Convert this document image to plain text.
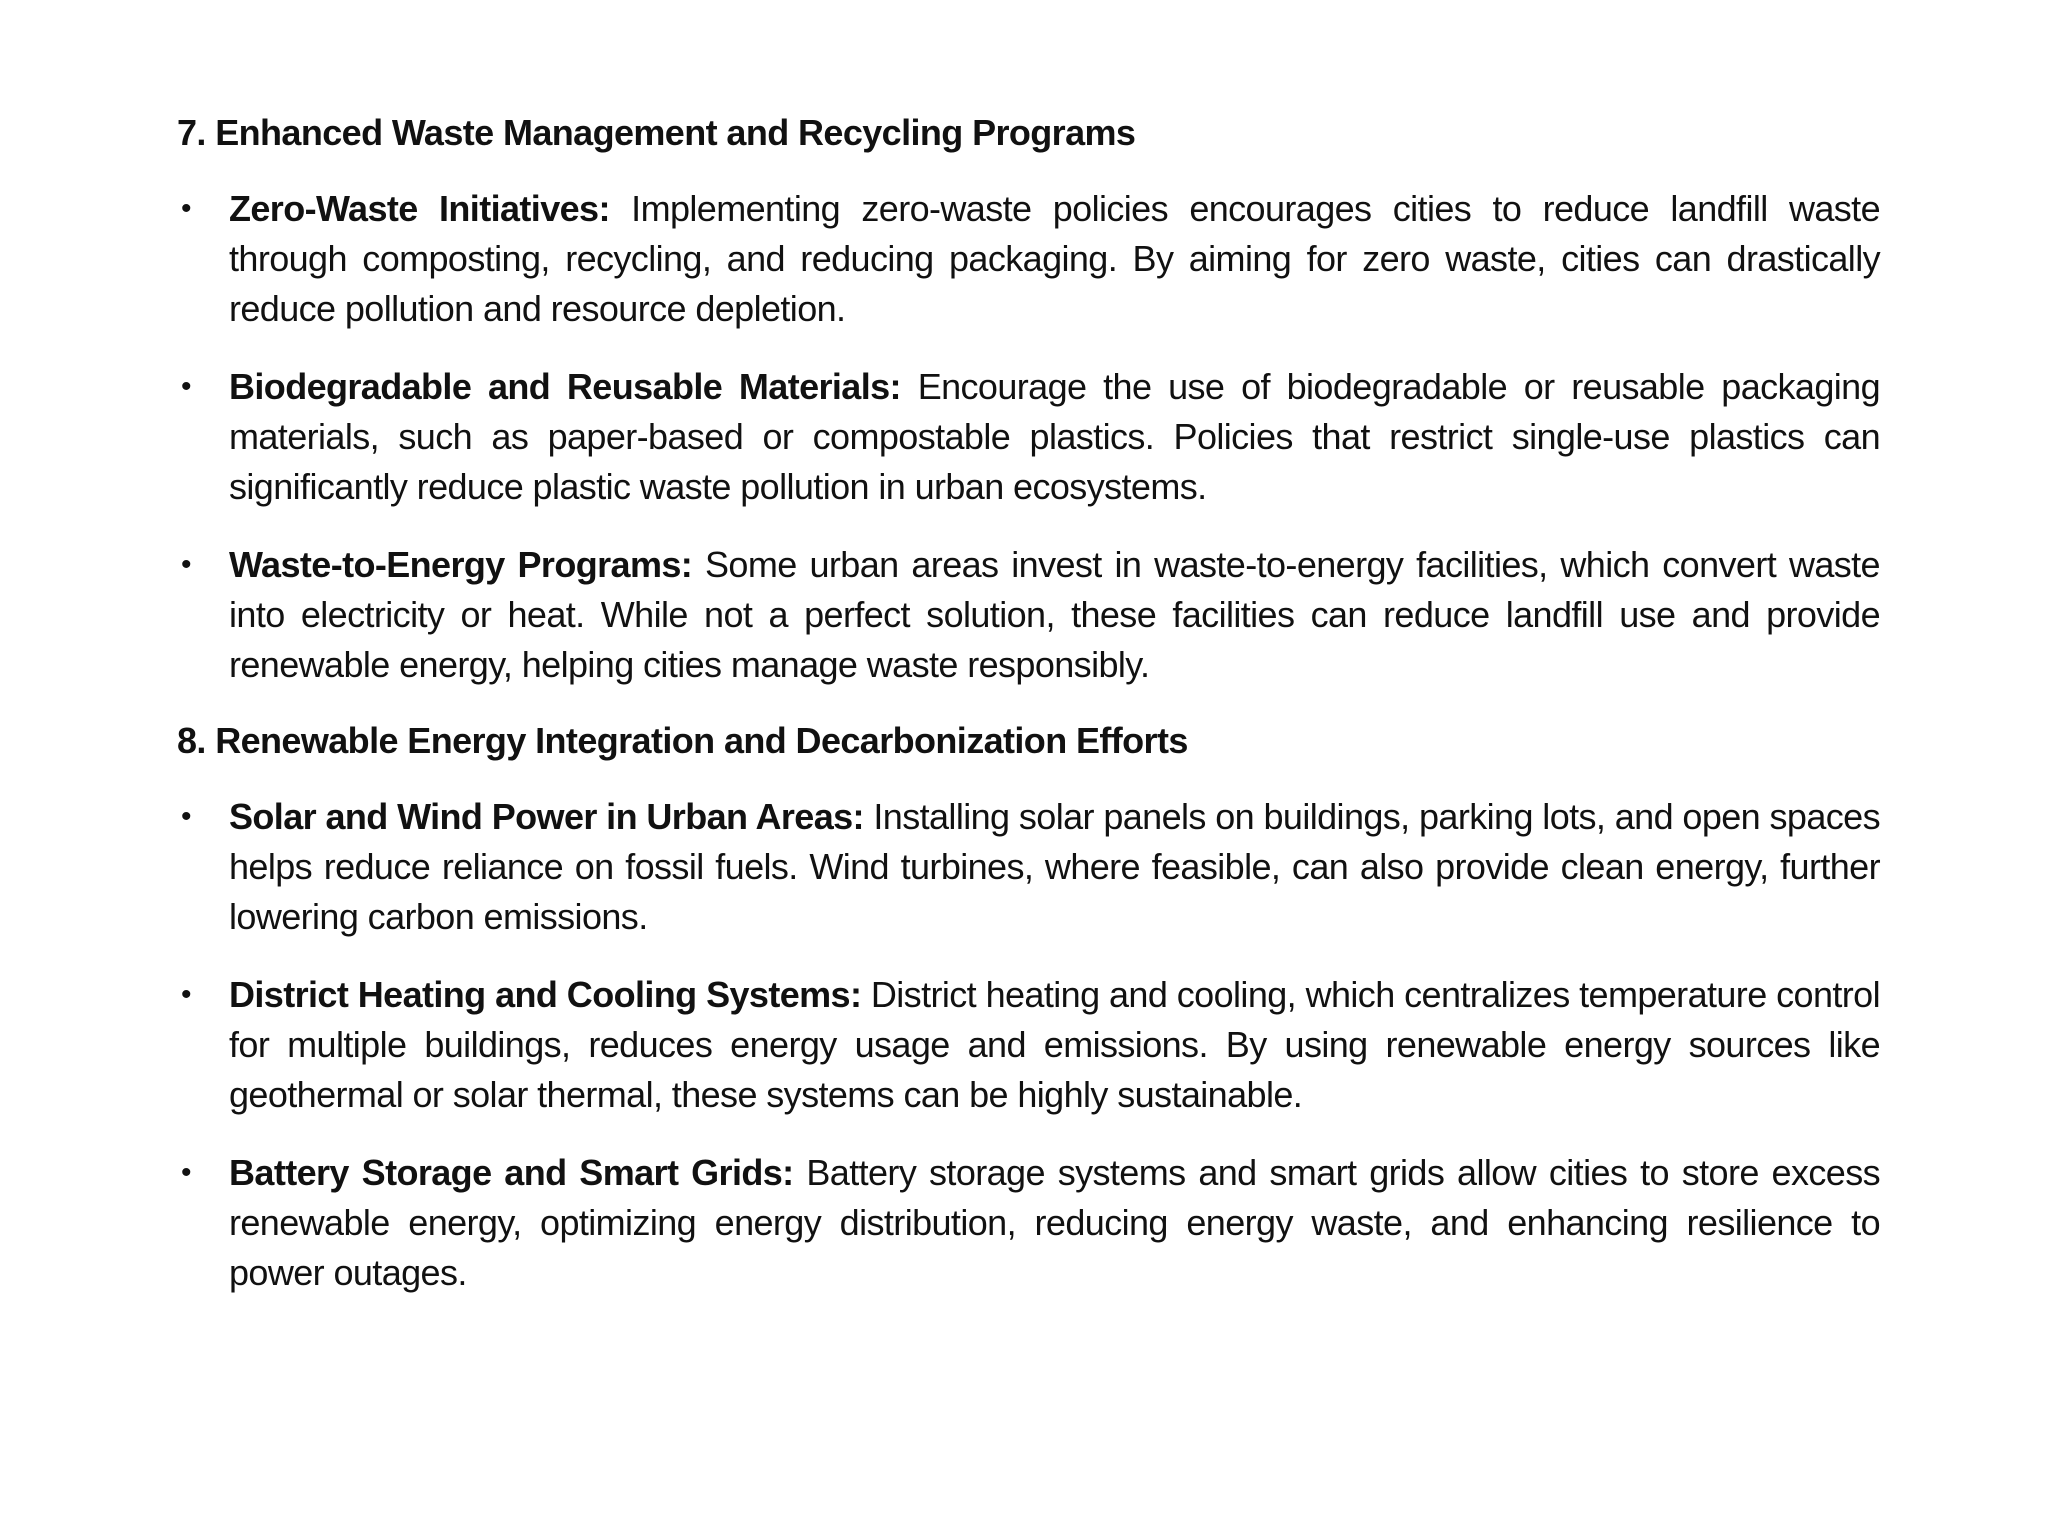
7. Enhanced Waste Management and Recycling Programs
• Zero-Waste Initiatives: Implementing zero-waste policies encourages cities to reduce landfill waste through composting, recycling, and reducing packaging. By aiming for zero waste, cities can drastically reduce pollution and resource depletion.
• Biodegradable and Reusable Materials: Encourage the use of biodegradable or reusable packaging materials, such as paper-based or compostable plastics. Policies that restrict single-use plastics can significantly reduce plastic waste pollution in urban ecosystems.
• Waste-to-Energy Programs: Some urban areas invest in waste-to-energy facilities, which convert waste into electricity or heat. While not a perfect solution, these facilities can reduce landfill use and provide renewable energy, helping cities manage waste responsibly.
8. Renewable Energy Integration and Decarbonization Efforts
• Solar and Wind Power in Urban Areas: Installing solar panels on buildings, parking lots, and open spaces helps reduce reliance on fossil fuels. Wind turbines, where feasible, can also provide clean energy, further lowering carbon emissions.
• District Heating and Cooling Systems: District heating and cooling, which centralizes temperature control for multiple buildings, reduces energy usage and emissions. By using renewable energy sources like geothermal or solar thermal, these systems can be highly sustainable.
• Battery Storage and Smart Grids: Battery storage systems and smart grids allow cities to store excess renewable energy, optimizing energy distribution, reducing energy waste, and enhancing resilience to power outages.
